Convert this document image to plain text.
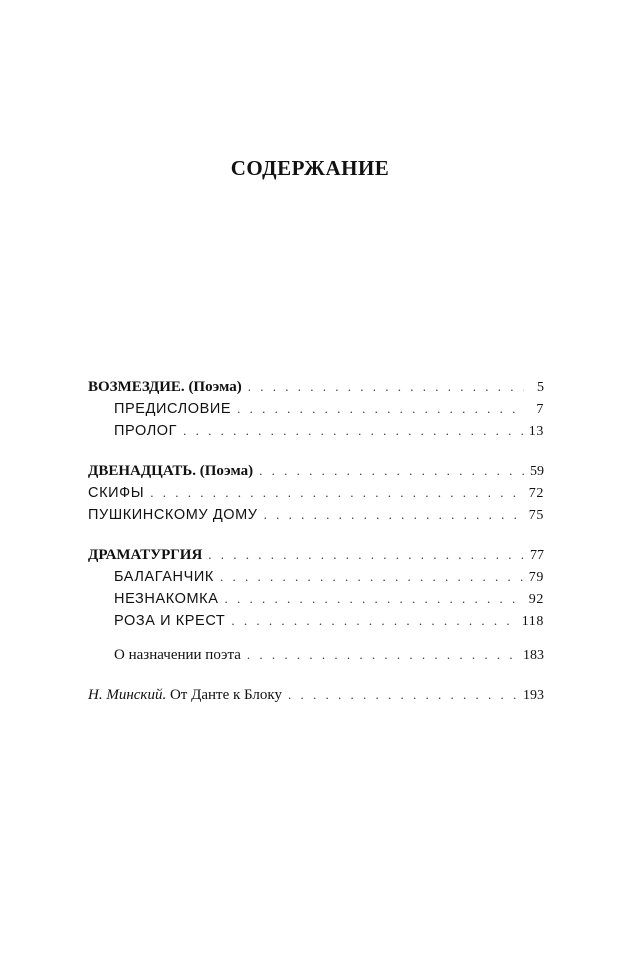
СОДЕРЖАНИЕ
ВОЗМЕЗДИЕ. (Поэма) . . .	5
ПРЕДИСЛОВИЕ . . .	7
ПРОЛОГ . . .	13
ДВЕНАДЦАТЬ. (Поэма) . . .	59
СКИФЫ . . .	72
ПУШКИНСКОМУ ДОМУ . . .	75
ДРАМАТУРГИЯ . . .	77
БАЛАГАНЧИК . . .	79
НЕЗНАКОМКА . . .	92
РОЗА И КРЕСТ . . .	118
О назначении поэта . . .	183
Н. Минский. От Данте к Блоку . . .	193
